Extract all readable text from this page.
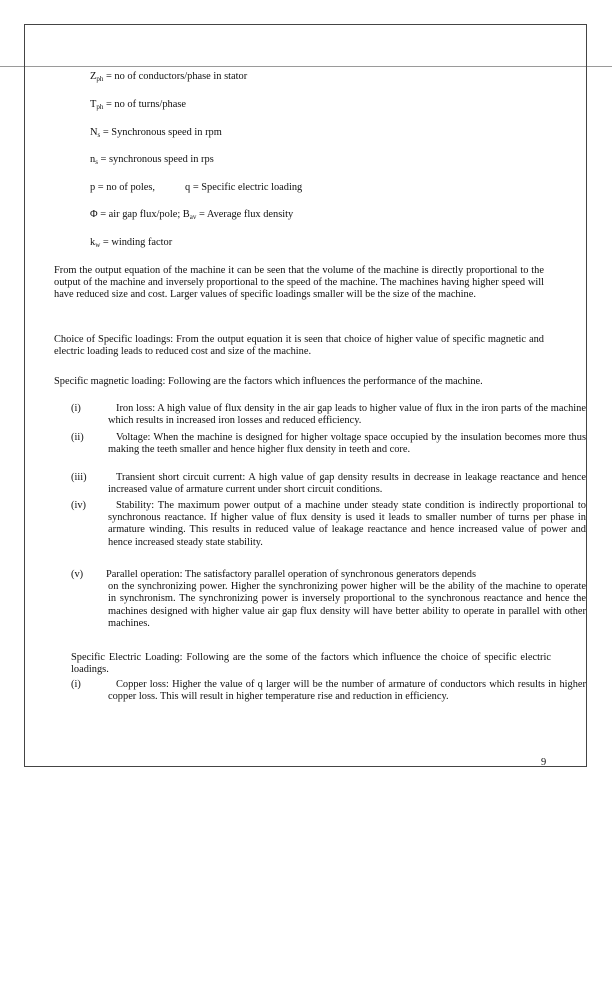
$Z_{ph}$ = no of conductors/phase in stator
$T_{ph}$ = no of turns/phase
$N_s$ = Synchronous speed in rpm
$n_s$ = synchronous speed in rps
p = no of poles,	q = Specific electric loading
Φ = air gap flux/pole; $B_{av}$ = Average flux density
$k_w$ = winding factor
From the output equation of the machine it can be seen that the volume of the machine is directly proportional to the output of the machine and inversely proportional to the speed of the machine. The machines having higher speed will have reduced size and cost. Larger values of specific loadings smaller will be the size of the machine.
Choice of Specific loadings: From the output equation it is seen that choice of higher value of specific magnetic and electric loading leads to reduced cost and size of the machine.
Specific magnetic loading: Following are the factors which influences the performance of the machine.
(i)	Iron loss: A high value of flux density in the air gap leads to higher value of flux in the iron parts of the machine which results in increased iron losses and reduced efficiency.
(ii)	Voltage: When the machine is designed for higher voltage space occupied by the insulation becomes more thus making the teeth smaller and hence higher flux density in teeth and core.
(iii)	Transient short circuit current: A high value of gap density results in decrease in leakage reactance and hence increased value of armature current under short circuit conditions.
(iv)	Stability: The maximum power output of a machine under steady state condition is indirectly proportional to synchronous reactance. If higher value of flux density is used it leads to smaller number of turns per phase in armature winding. This results in reduced value of leakage reactance and hence increased value of power and hence increased steady state stability.
(v) Parallel operation: The satisfactory parallel operation of synchronous generators depends
on the synchronizing power. Higher the synchronizing power higher will be the ability of the machine to operate in synchronism. The synchronizing power is inversely proportional to the synchronous reactance and hence the machines designed with higher value air gap flux density will have better ability to operate in parallel with other machines.
Specific Electric Loading: Following are the some of the factors which influence the choice of specific electric loadings.
(i)	Copper loss: Higher the value of q larger will be the number of armature of conductors which results in higher copper loss. This will result in higher temperature rise and reduction in efficiency.
9
